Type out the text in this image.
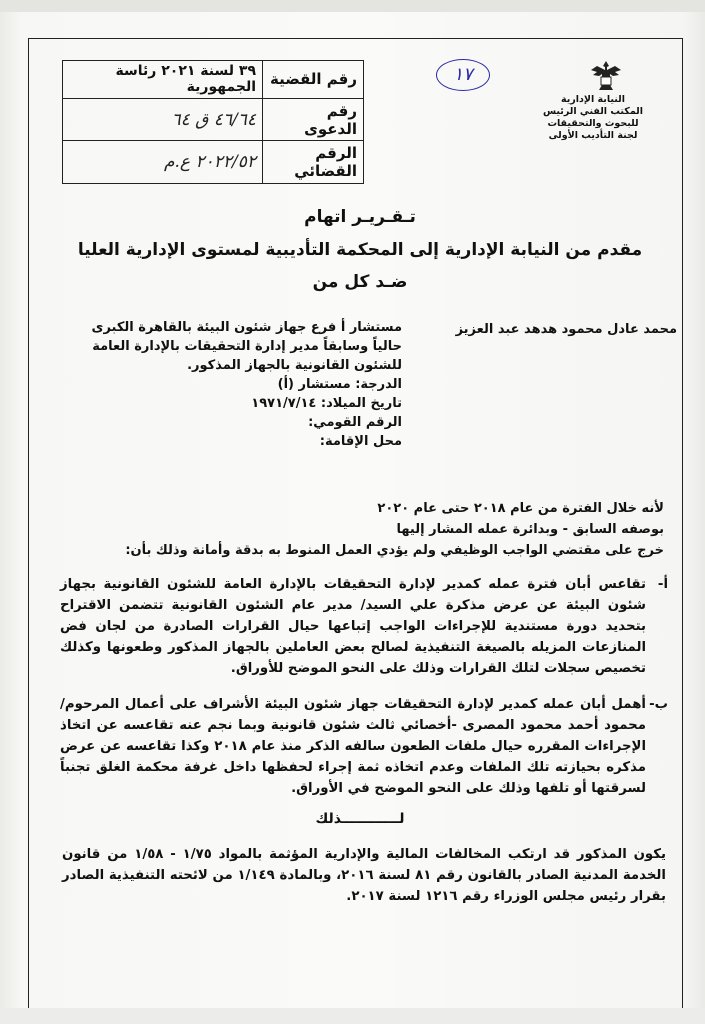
رقم القضية	٣٩ لسنة ٢٠٢١ رئاسة الجمهورية
رقم الدعوى	٤٦/٦٤ ق ٦٤
الرقم القضائي	٢٠٢٢/٥٢ ع.م
١٧
النيابة الإدارية
المكتب الفني الرئيس
للبحوث والتحقيقات
لجنة التأديب الأولى
تـقـريـر اتهام
مقدم من النيابة الإدارية إلى المحكمة التأديبية لمستوى الإدارية العليا
ضـد كل من
محمد عادل محمود هدهد عبد العزيز
مستشار أ فرع جهاز شئون البيئة بالقاهرة الكبرى حالياً وسابقاً مدير إدارة التحقيقات بالإدارة العامة للشئون القانونية بالجهاز المذكور.
الدرجة: مستشار (أ)
تاريخ الميلاد: ١٩٧١/٧/١٤
الرقم القومي:
محل الإقامة:
لأنه خلال الفترة من عام ٢٠١٨ حتى عام ٢٠٢٠
بوصفه السابق - وبدائرة عمله المشار إليها
خرج على مقتضي الواجب الوظيفي ولم يؤدي العمل المنوط به بدقة وأمانة وذلك بأن:
أ-
تقاعس أبان فترة عمله كمدير لإدارة التحقيقات بالإدارة العامة للشئون القانونية بجهاز شئون البيئة عن عرض مذكرة علي السيد/ مدير عام الشئون القانونية تتضمن الاقتراح بتحديد دورة مستندية للإجراءات الواجب إتباعها حيال القرارات الصادرة من لجان فض المنازعات المزيله بالصيغة التنفيذية لصالح بعض العاملين بالجهاز المذكور وطعونها وكذلك تخصيص سجلات لتلك القرارات وذلك على النحو الموضح للأوراق.
ب-
أهمل أبان عمله كمدير لإدارة التحقيقات جهاز شئون البيئة الأشراف على أعمال المرحوم/ محمود أحمد محمود المصرى -أخصائي ثالث شئون قانونية وبما نجم عنه تقاعسه عن اتخاذ الإجراءات المقرره حيال ملفات الطعون سالفه الذكر منذ عام ٢٠١٨ وكذا تقاعسه عن عرض مذكره بحيازته تلك الملفات وعدم اتخاذه ثمة إجراء لحفظها داخل غرفة محكمة الغلق تجنباً لسرقتها أو تلفها وذلك على النحو الموضح في الأوراق.
لــــــــــــذلك
يكون المذكور قد ارتكب المخالفات المالية والإدارية المؤثمة بالمواد ١/٧٥ - ١/٥٨ من قانون الخدمة المدنية الصادر بالقانون رقم ٨١ لسنة ٢٠١٦، وبالمادة ١/١٤٩ من لائحته التنفيذية الصادر بقرار رئيس مجلس الوزراء رقم ١٢١٦ لسنة ٢٠١٧.
